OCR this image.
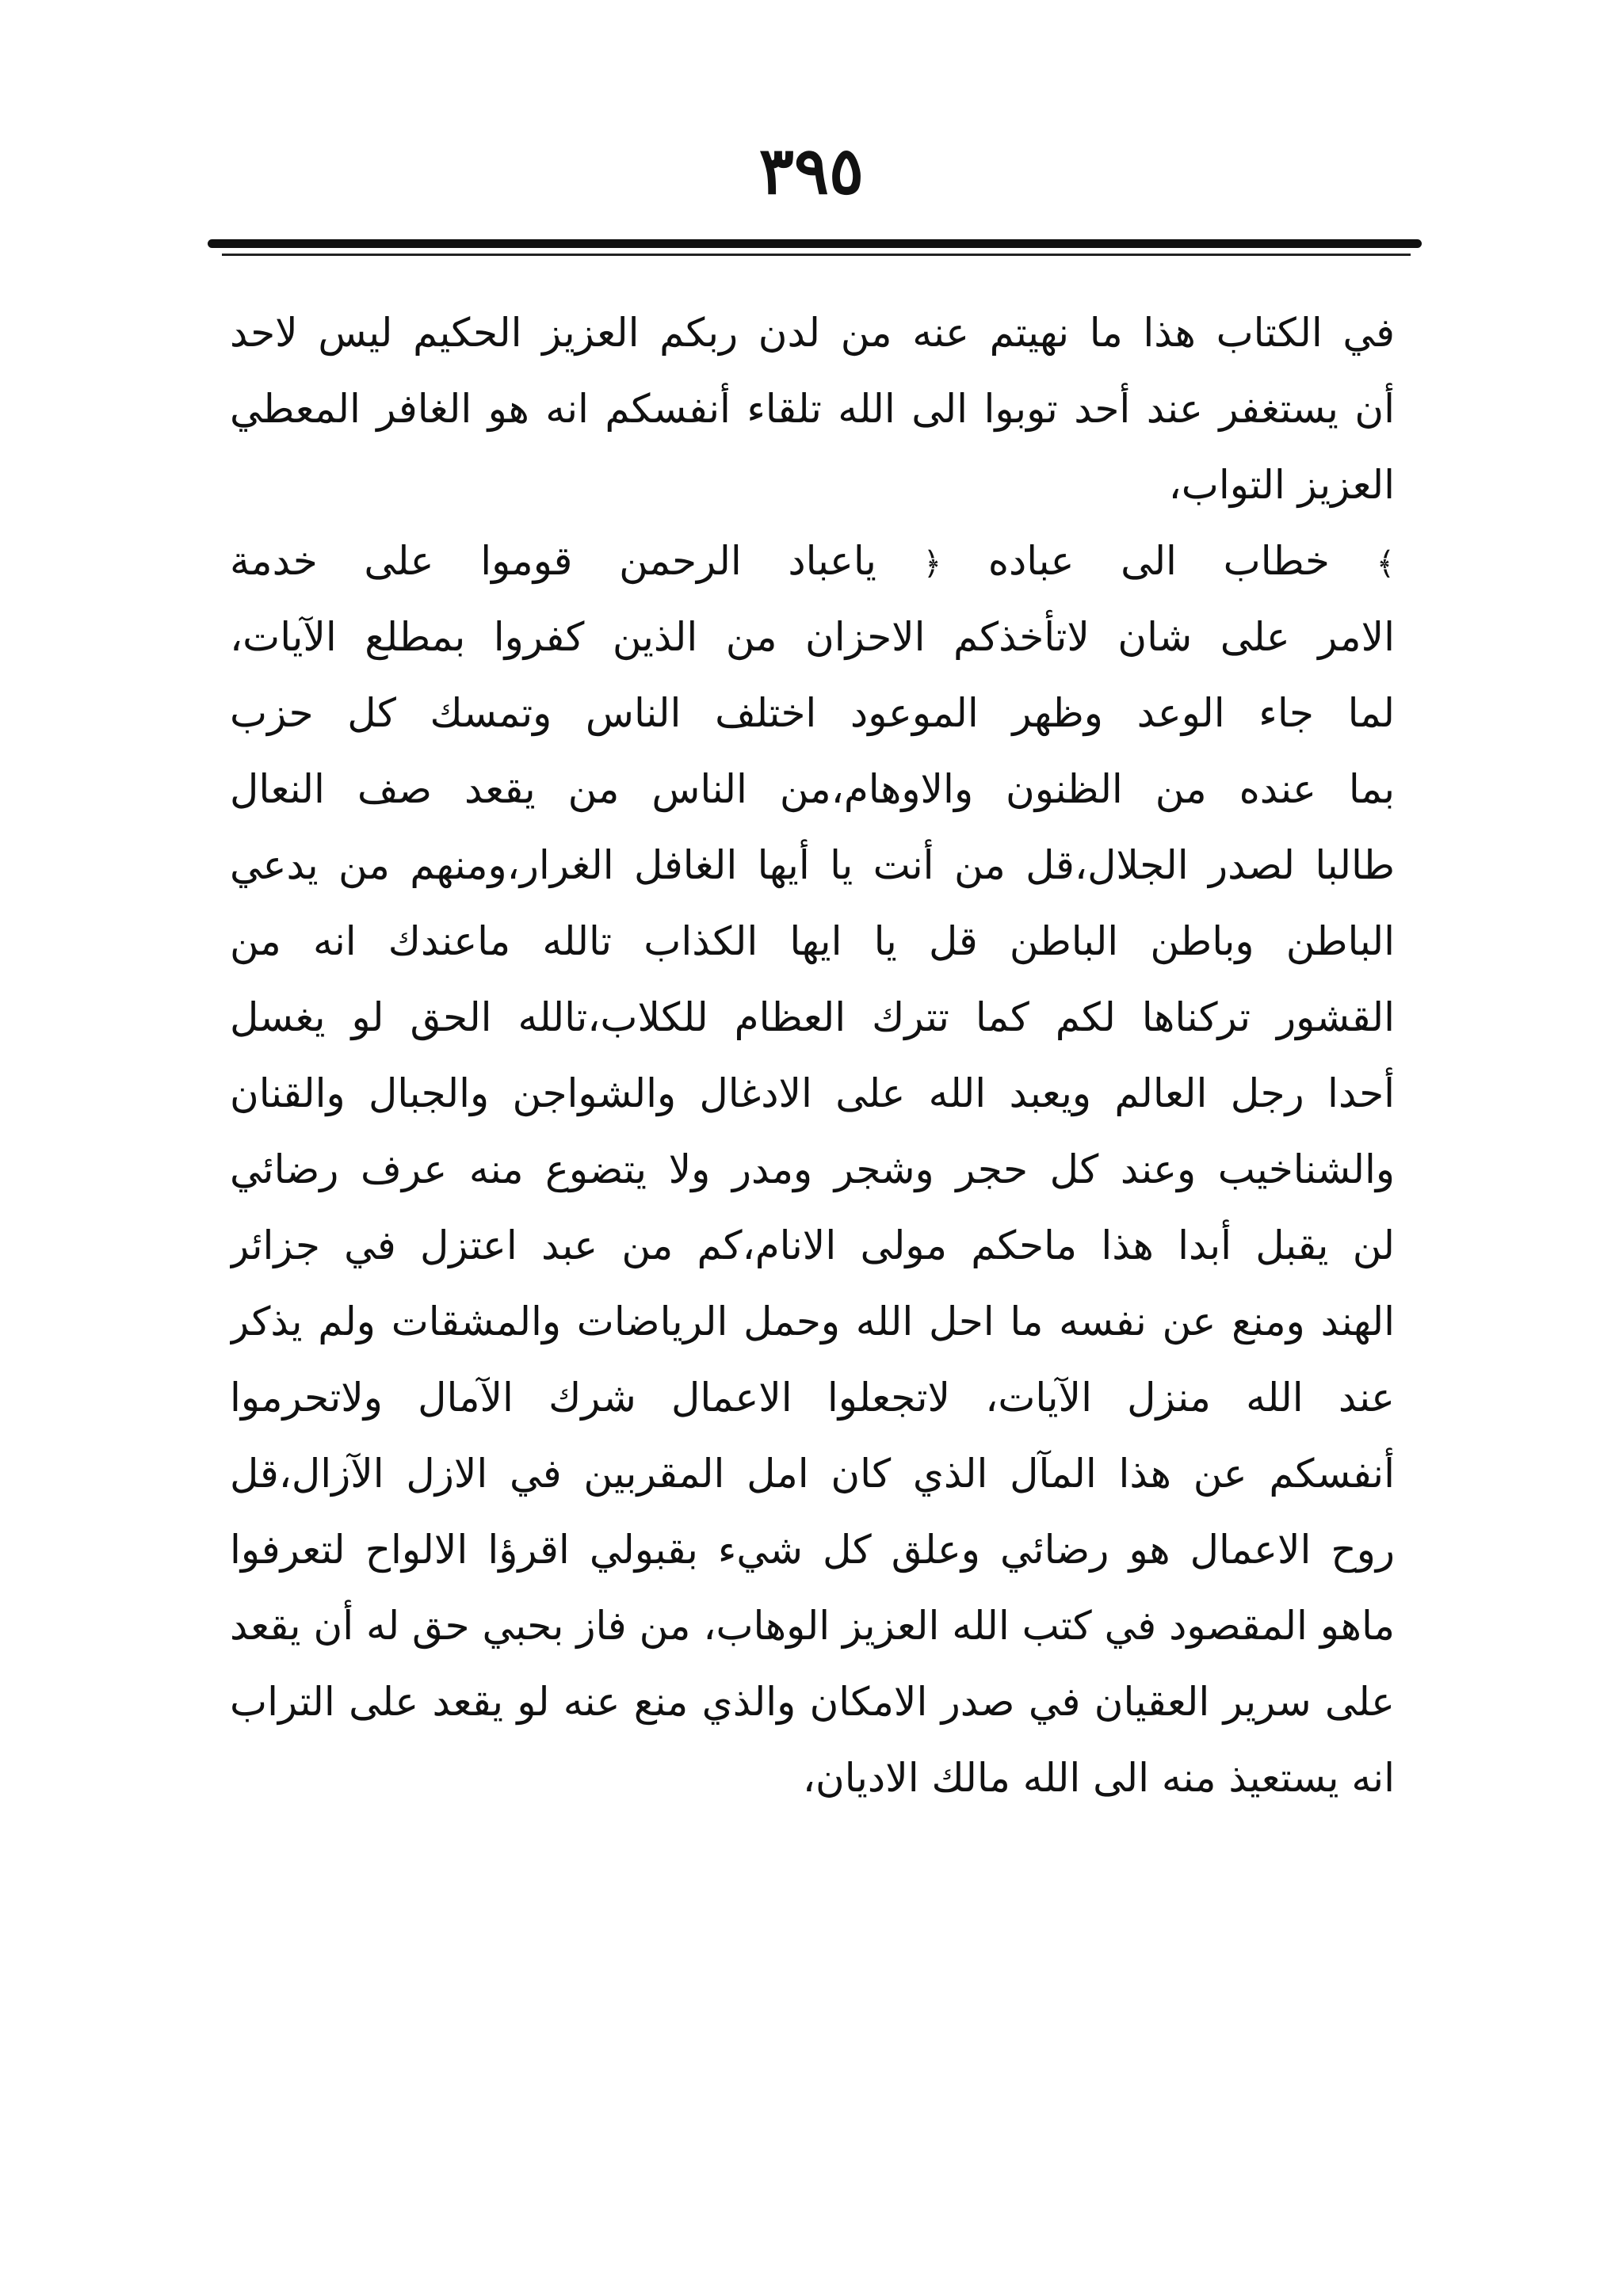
٣٩٥
في الكتاب هذا ما نهيتم عنه من لدن ربكم العزيز الحكيم ليس لاحد
أن يستغفر عند أحد توبوا الى الله تلقاء أنفسكم انه هو الغافر المعطي
العزيز التواب،
﴾ خطاب الى عباده ﴿ ياعباد الرحمن قوموا على خدمة
الامر على شان لاتأخذكم الاحزان من الذين كفروا بمطلع الآيات،
لما جاء الوعد وظهر الموعود اختلف الناس وتمسك كل حزب
بما عنده من الظنون والاوهام،من الناس من يقعد صف النعال
طالبا لصدر الجلال،قل من أنت يا أيها الغافل الغرار،ومنهم من يدعي
الباطن وباطن الباطن قل يا ايها الكذاب تالله ماعندك انه من
القشور تركناها لكم كما تترك العظام للكلاب،تالله الحق لو يغسل
أحدا رجل العالم ويعبد الله على الادغال والشواجن والجبال والقنان
والشناخيب وعند كل حجر وشجر ومدر ولا يتضوع منه عرف رضائي
لن يقبل أبدا هذا ماحكم مولى الانام،كم من عبد اعتزل في جزائر
الهند ومنع عن نفسه ما احل الله وحمل الرياضات والمشقات ولم يذكر
عند الله منزل الآيات، لاتجعلوا الاعمال شرك الآمال ولاتحرموا
أنفسكم عن هذا المآل الذي كان امل المقربين في الازل الآزال،قل
روح الاعمال هو رضائي وعلق كل شيء بقبولي اقرؤا الالواح لتعرفوا
ماهو المقصود في كتب الله العزيز الوهاب، من فاز بحبي حق له أن يقعد
على سرير العقيان في صدر الامكان والذي منع عنه لو يقعد على التراب
انه يستعيذ منه الى الله مالك الاديان،
